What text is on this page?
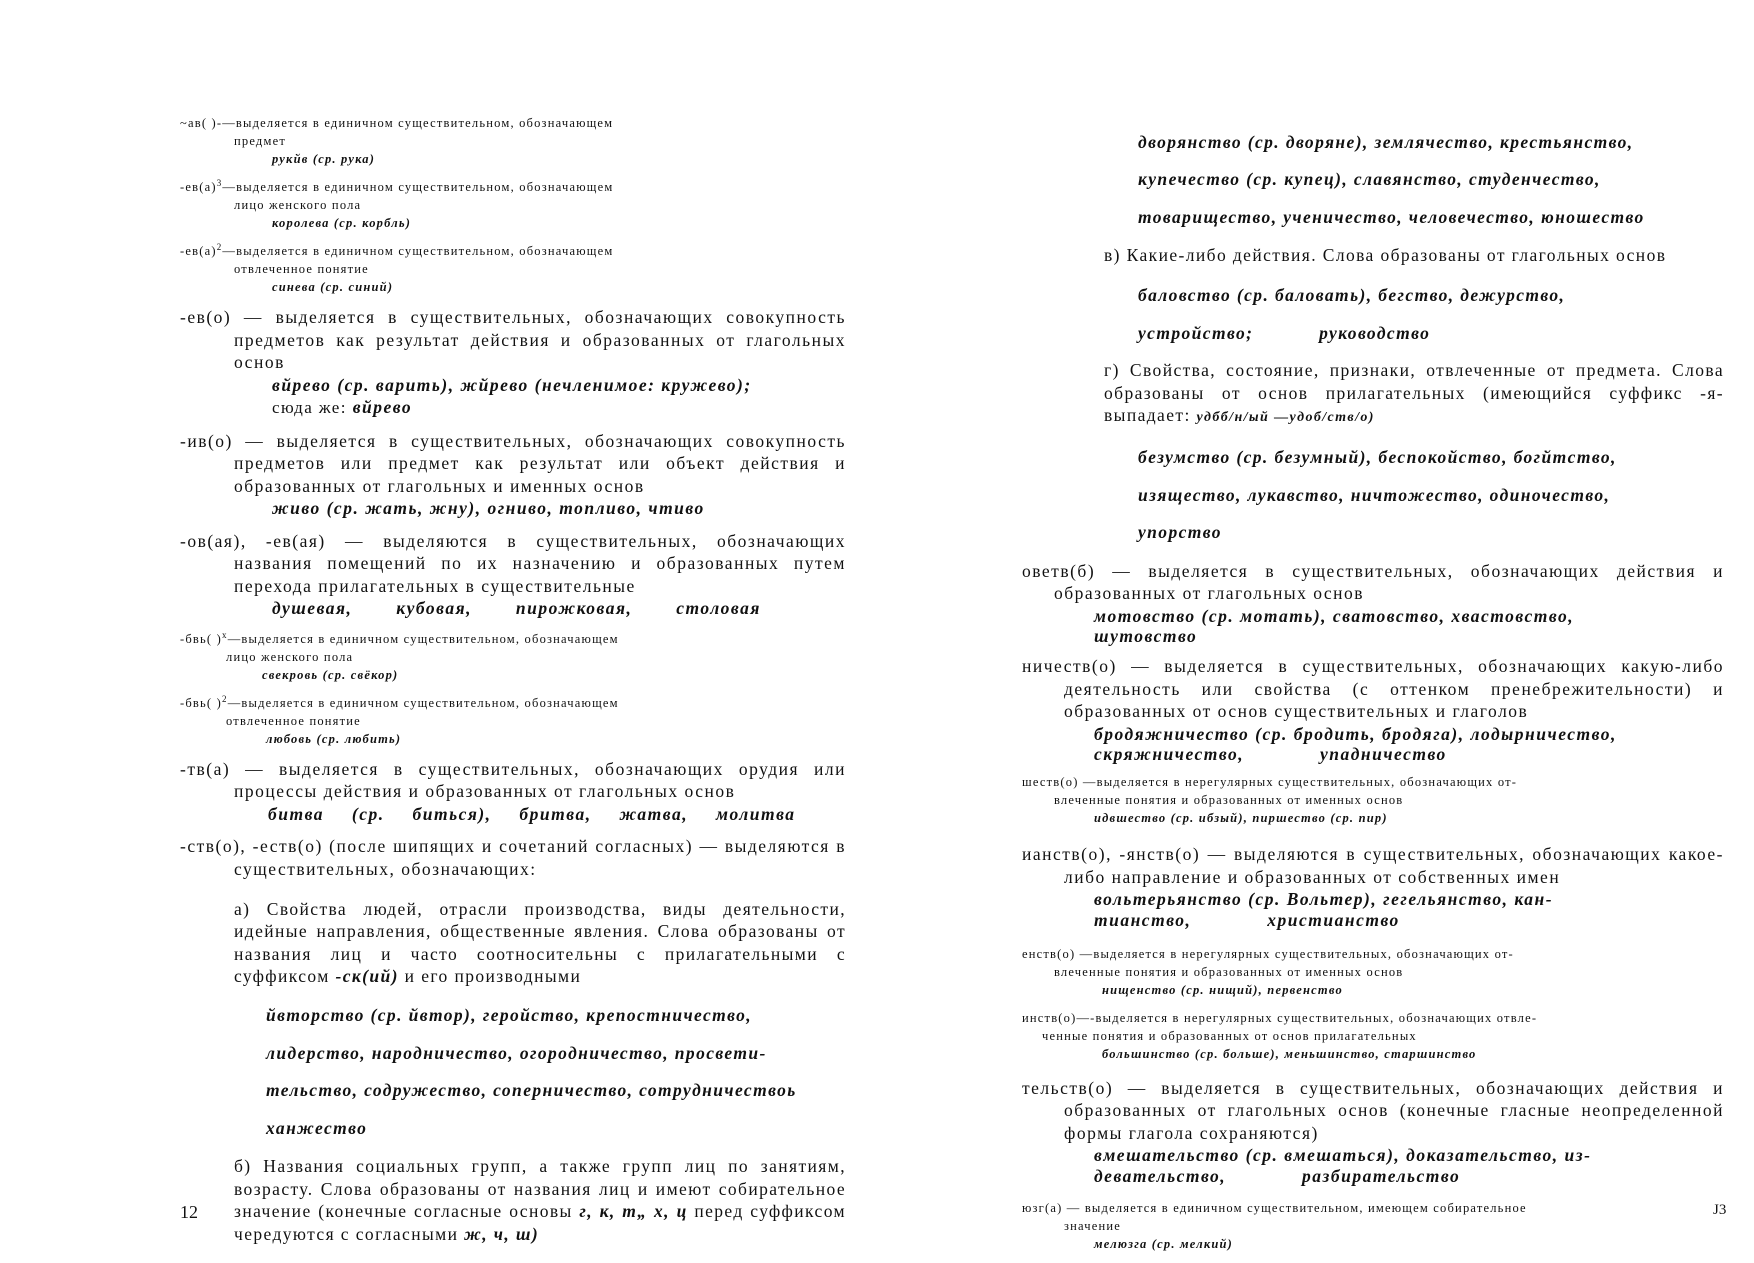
~ав( )-—выделяется в единичном существительном, обозначающем

предмет

рукйв (ср. рука)

$-ев(а)^3—выделяется$ в единичном существительном, обозначающем

лицо женского пола

королева (ср. корбль)

$-ев(а)^2—выделяется$ в единичном существительном, обозначающем

отвлеченное понятие

синева (ср. синий)

-ев(о) — выделяется в существительных, обозначающих совокупность предметов как результат действия и образованных от глагольных основ

вйрево (ср. варить), жйрево (нечленимое: кружево);

сюда же: вйрево

-ив(о) — выделяется в существительных, обозначающих совокупность предметов или предмет как результат или объект действия и образованных от глагольных и именных основ

живо (ср. жать, жну), огниво, топливо, чтиво

-ов(ая), -ев(ая) — выделяются в существительных, обозначающих названия помещений по их назначению и образованных путем перехода прилагательных в существительные

душевая, кубовая, пирожковая, столовая

-бвь( )$^х$—выделяется в единичном существительном, обозначающем

лицо женского пола

свекровь (ср. свёкор)

-бвь( )$^2$—выделяется в единичном существительном, обозначающем

отвлеченное понятие

любовь (ср. любить)

-тв(а) — выделяется в существительных, обозначающих орудия или процессы действия и образованных от глагольных основ

битва (ср. биться), бритва, жатва, молитва

-ств(о), -еств(о) (после шипящих и сочетаний согласных) — выделяются в существительных, обозначающих:

а) Свойства людей, отрасли производства, виды деятельности, идейные направления, общественные явления. Слова образованы от названия лиц и часто соотносительны с прилагательными с суффиксом -ск(ий) и его производными

йвторство (ср. йвтор), геройство, крепостничество,

лидерство, народничество, огородничество, просвети-

тельство, содружество, соперничество, сотрудничествоь

ханжество

б) Названия социальных групп, а также групп лиц по занятиям, возрасту. Слова образованы от названия лиц и имеют собирательное значение (конечные согласные основы г, к, т„ х, ц перед суффиксом чередуются с согласными ж, ч, ш)

12

дворянство (ср. дворяне), землячество, крестьянство,

купечество (ср. купец), славянство, студенчество,

товарищество, ученичество, человечество, юношество

в) Какие-либо действия. Слова образованы от глагольных основ

баловство (ср. баловать), бегство, дежурство,

устройство; руководство

г) Свойства, состояние, признаки, отвлеченные от предмета. Слова образованы от основ прилагательных (имеющийся суффикс -я- выпадает: удбб/н/ый —удоб/ств/о)

безумство (ср. безумный), беспокойство, богйтство,

изящество, лукавство, ничтожество, одиночество,

упорство

оветв(б) — выделяется в существительных, обозначающих действия и образованных от глагольных основ

мотовство (ср. мотать), сватовство, хвастовство,

шутовство

ничеств(о) — выделяется в существительных, обозначающих какую-либо деятельность или свойства (с оттенком пренебрежительности) и образованных от основ существительных и глаголов

бродяжничество (ср. бродить, бродяга), лодырничество,

скряжничество, упадничество

шеств(о) —выделяется в нерегулярных существительных, обозначающих от-

влеченные понятия и образованных от именных основ

идвшество (ср. ибзый), пиршество (ср. пир)

ианств(о), -янств(о) — выделяются в существительных, обозначающих какое-либо направление и образованных от собственных имен

вольтерьянство (ср. Вольтер), гегельянство, кан-

тианство, христианство

енств(о) —выделяется в нерегулярных существительных, обозначающих от-

влеченные понятия и образованных от именных основ

нищенство (ср. нищий), первенство

инств(о)—-выделяется в нерегулярных существительных, обозначающих отвле-

ченные понятия и образованных от основ прилагательных

большинство (ср. больше), меньшинство, старшинство

тельств(о) — выделяется в существительных, обозначающих действия и образованных от глагольных основ (конечные гласные неопределенной формы глагола сохраняются)

вмешательство (ср. вмешаться), доказательство, из-

девательство, разбирательство

юзг(а) — выделяется в единичном существительном, имеющем собирательное

значение

мелюзга (ср. мелкий)

J3
